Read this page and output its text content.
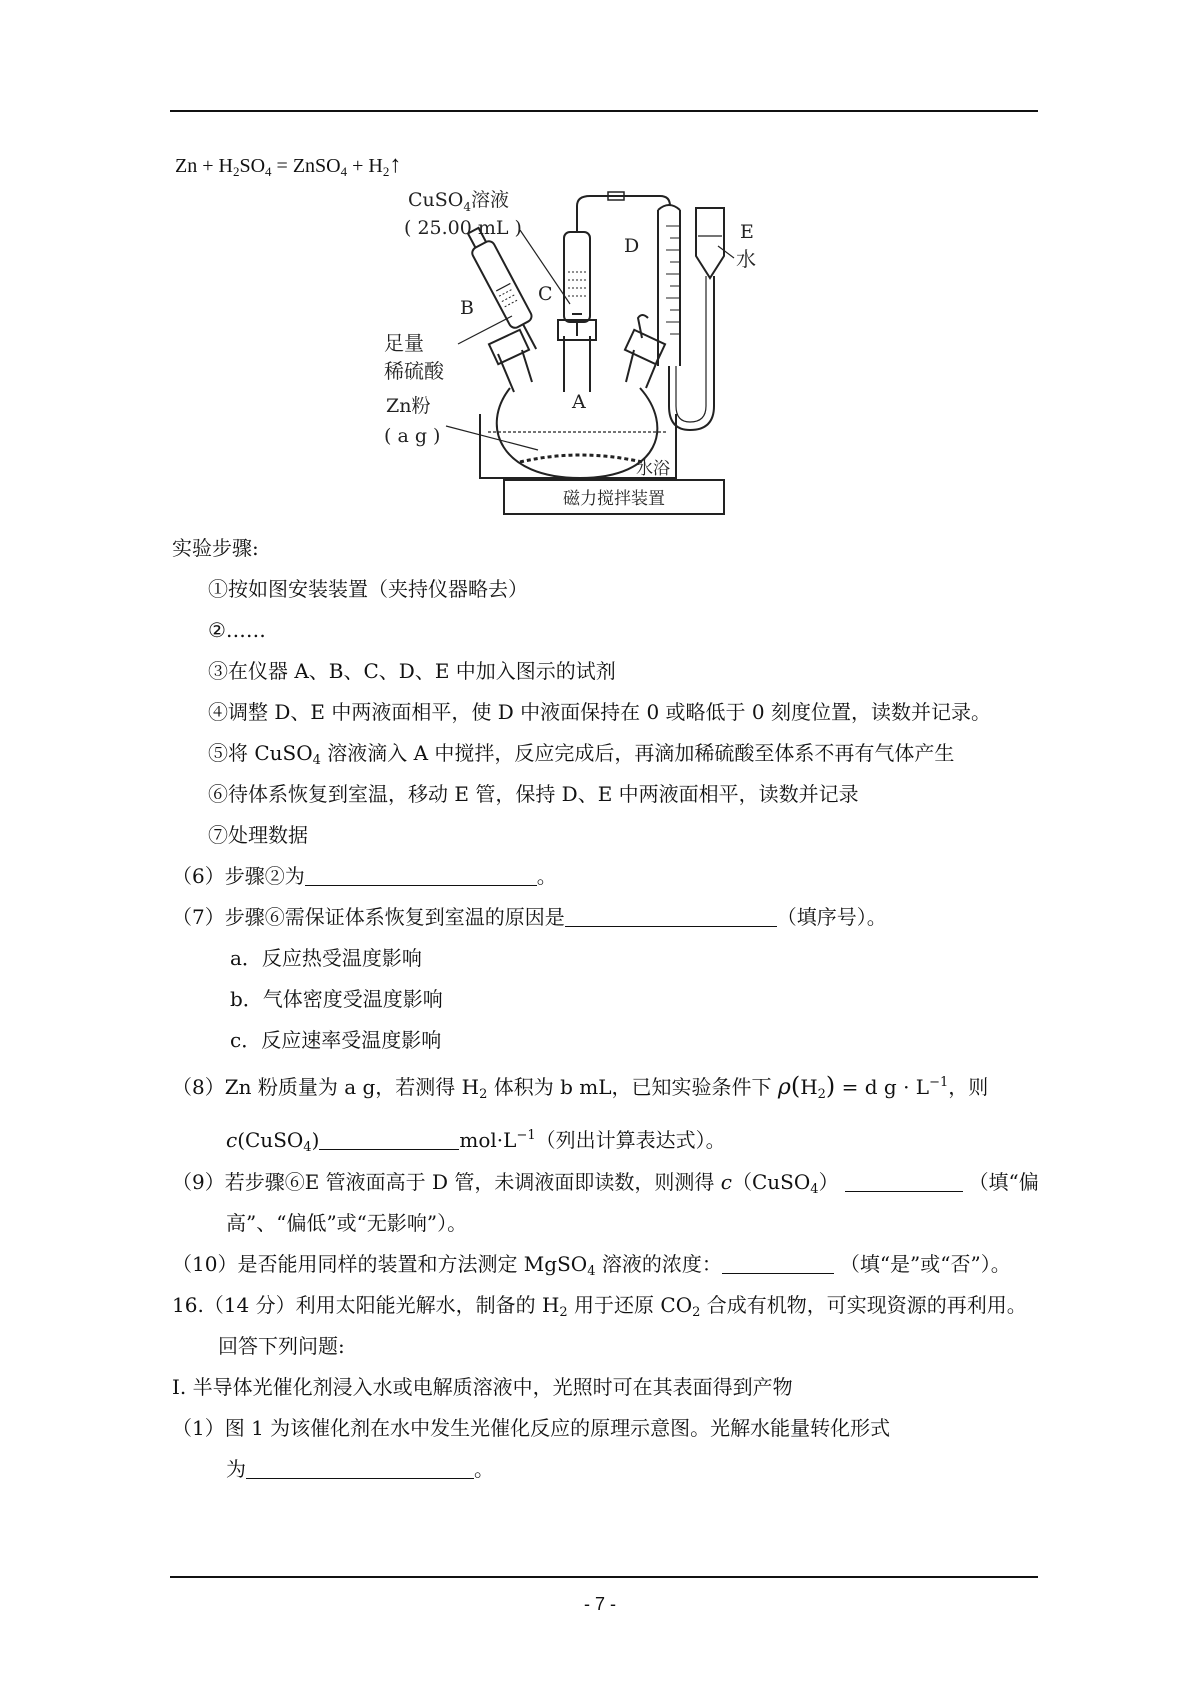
$Zn + H_2SO_4$ = ZnSO$_4$ + $H_2↑$
磁力搅拌装置
水浴
A
Zn粉
( a g )
B
足量
稀硫酸
C
CuSO$_4$溶液
( 25.00 mL )
D
E
水
实验步骤:
①按如图安装装置（夹持仪器略去）
②……
③在仪器 A、B、C、D、E 中加入图示的试剂
④调整 D、E 中两液面相平，使 D 中液面保持在 0 或略低于 0 刻度位置，读数并记录。
⑤将 CuSO$_4$ 溶液滴入 A 中搅拌，反应完成后，再滴加稀硫酸至体系不再有气体产生
⑥待体系恢复到室温，移动 E 管，保持 D、E 中两液面相平，读数并记录
⑦处理数据
（6）步骤②为	。
（7）步骤⑥需保证体系恢复到室温的原因是	（填序号）。
a．反应热受温度影响
b．气体密度受温度影响
c．反应速率受温度影响
（8）Zn 粉质量为 a g，若测得 $H_2$ 体积为 b mL，已知实验条件下 $\rho(H_2) = d$ $g \cdot L^{-1}$，则
c(CuSO$_4$)	$mol\cdot L^{-1}$（列出计算表达式）。
（9）若步骤⑥E 管液面高于 D 管，未调液面即读数，则测得 c（CuSO$_4$）	（填“偏
高”、“偏低”或“无影响”）。
（10）是否能用同样的装置和方法测定 MgSO$_4$ 溶液的浓度：	（填“是”或“否”）。
16.（14 分）利用太阳能光解水，制备的 $H_2$ 用于还原 $CO_2$ 合成有机物，可实现资源的再利用。
回答下列问题:
Ⅰ. 半导体光催化剂浸入水或电解质溶液中，光照时可在其表面得到产物
（1）图 1 为该催化剂在水中发生光催化反应的原理示意图。光解水能量转化形式
为	。
- 7 -
